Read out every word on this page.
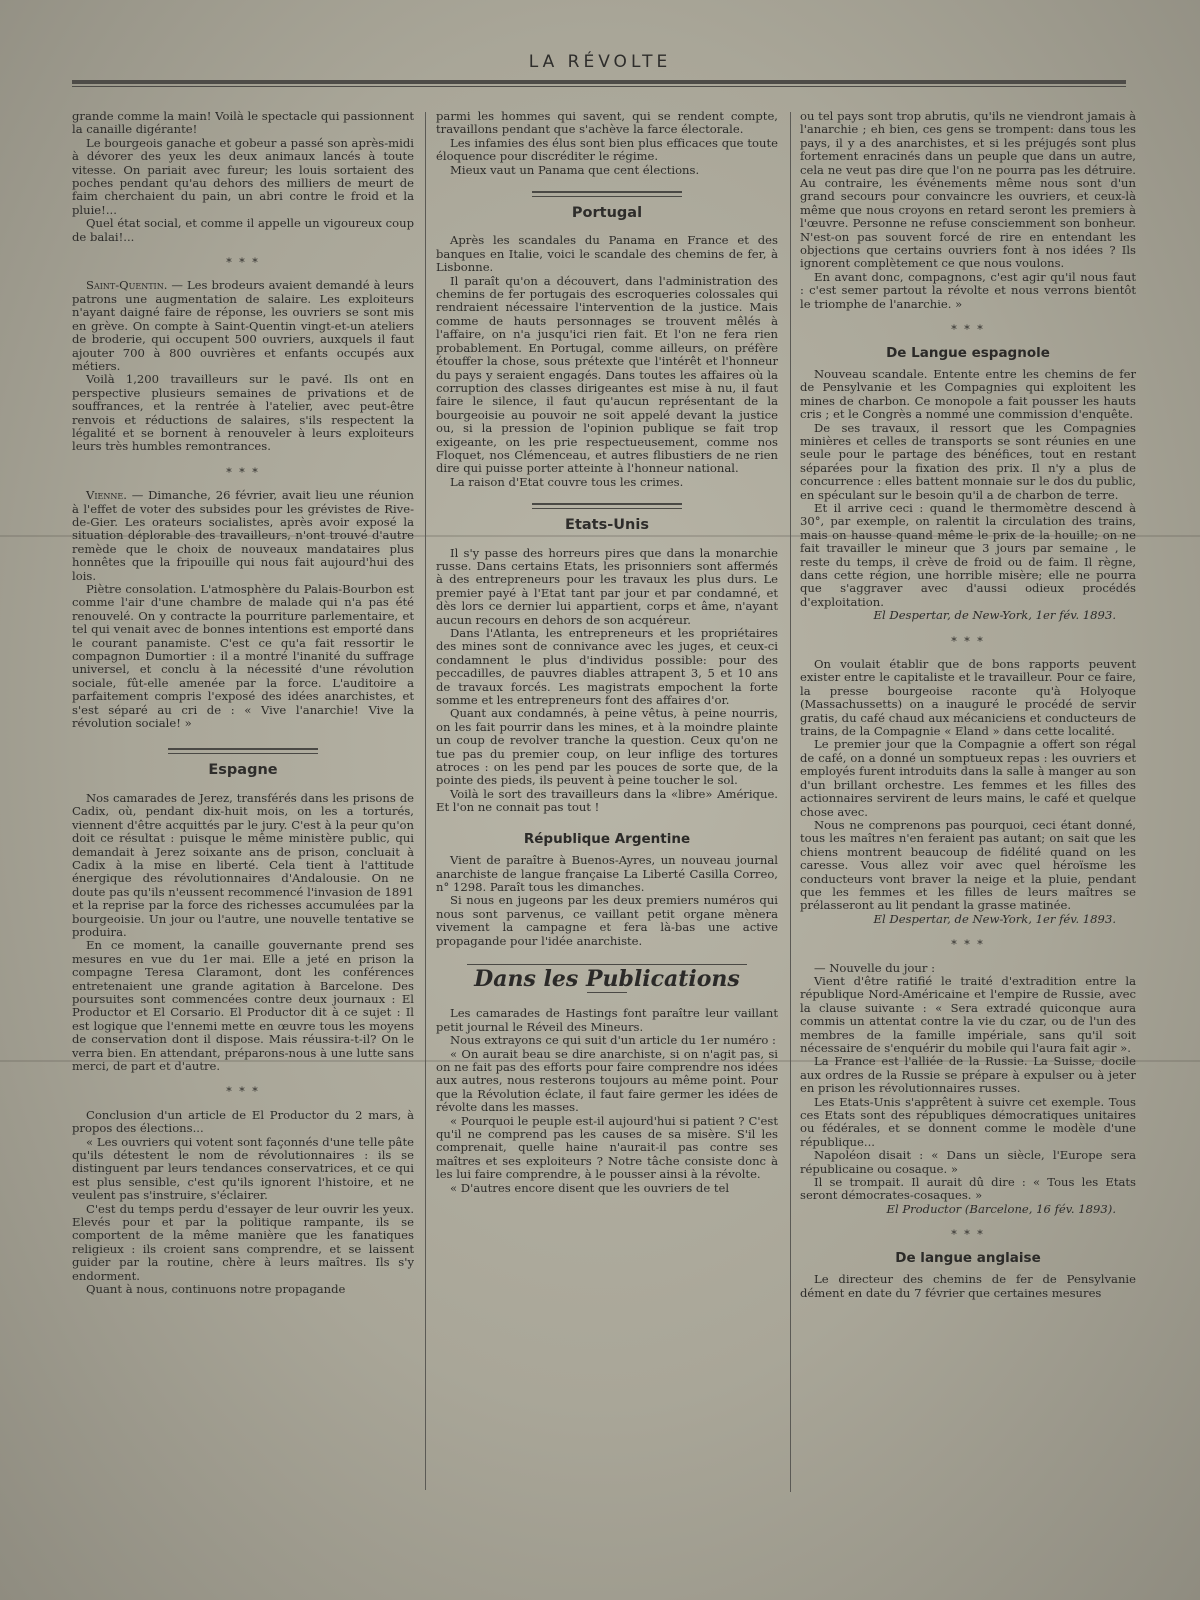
LA RÉVOLTE

grande comme la main! Voilà le spectacle qui passionnent la canaille digérante!

Le bourgeois ganache et gobeur a passé son après-midi à dévorer des yeux les deux animaux lancés à toute vitesse. On pariait avec fureur; les louis sortaient des poches pendant qu'au dehors des milliers de meurt de faim cherchaient du pain, un abri contre le froid et la pluie!...

Quel état social, et comme il appelle un vigoureux coup de balai!...

* * *

Saint-Quentin. — Les brodeurs avaient demandé à leurs patrons une augmentation de salaire. Les exploiteurs n'ayant daigné faire de réponse, les ouvriers se sont mis en grève. On compte à Saint-Quentin vingt-et-un ateliers de broderie, qui occupent 500 ouvriers, auxquels il faut ajouter 700 à 800 ouvrières et enfants occupés aux métiers.

Voilà 1,200 travailleurs sur le pavé. Ils ont en perspective plusieurs semaines de privations et de souffrances, et la rentrée à l'atelier, avec peut-être renvois et réductions de salaires, s'ils respectent la légalité et se bornent à renouveler à leurs exploiteurs leurs très humbles remontrances.

* * *

Vienne. — Dimanche, 26 février, avait lieu une réunion à l'effet de voter des subsides pour les grévistes de Rive-de-Gier. Les orateurs socialistes, après avoir exposé la situation déplorable des travailleurs, n'ont trouvé d'autre remède que le choix de nouveaux mandataires plus honnêtes que la fripouille qui nous fait aujourd'hui des lois.

Piètre consolation. L'atmosphère du Palais-Bourbon est comme l'air d'une chambre de malade qui n'a pas été renouvelé. On y contracte la pourriture parlementaire, et tel qui venait avec de bonnes intentions est emporté dans le courant panamiste. C'est ce qu'a fait ressortir le compagnon Dumortier : il a montré l'inanité du suffrage universel, et conclu à la nécessité d'une révolution sociale, fût-elle amenée par la force. L'auditoire a parfaitement compris l'exposé des idées anarchistes, et s'est séparé au cri de : « Vive l'anarchie! Vive la révolution sociale! »

Espagne

Nos camarades de Jerez, transférés dans les prisons de Cadix, où, pendant dix-huit mois, on les a torturés, viennent d'être acquittés par le jury. C'est à la peur qu'on doit ce résultat : puisque le même ministère public, qui demandait à Jerez soixante ans de prison, concluait à Cadix à la mise en liberté. Cela tient à l'attitude énergique des révolutionnaires d'Andalousie. On ne doute pas qu'ils n'eussent recommencé l'invasion de 1891 et la reprise par la force des richesses accumulées par la bourgeoisie. Un jour ou l'autre, une nouvelle tentative se produira.

En ce moment, la canaille gouvernante prend ses mesures en vue du 1er mai. Elle a jeté en prison la compagne Teresa Claramont, dont les conférences entretenaient une grande agitation à Barcelone. Des poursuites sont commencées contre deux journaux : El Productor et El Corsario. El Productor dit à ce sujet : Il est logique que l'ennemi mette en œuvre tous les moyens de conservation dont il dispose. Mais réussira-t-il? On le verra bien. En attendant, préparons-nous à une lutte sans merci, de part et d'autre.

* * *

Conclusion d'un article de El Productor du 2 mars, à propos des élections...

« Les ouvriers qui votent sont façonnés d'une telle pâte qu'ils détestent le nom de révolutionnaires : ils se distinguent par leurs tendances conservatrices, et ce qui est plus sensible, c'est qu'ils ignorent l'histoire, et ne veulent pas s'instruire, s'éclairer.

C'est du temps perdu d'essayer de leur ouvrir les yeux. Elevés pour et par la politique rampante, ils se comportent de la même manière que les fanatiques religieux : ils croient sans comprendre, et se laissent guider par la routine, chère à leurs maîtres. Ils s'y endorment.

Quant à nous, continuons notre propagande

parmi les hommes qui savent, qui se rendent compte, travaillons pendant que s'achève la farce électorale.

Les infamies des élus sont bien plus efficaces que toute éloquence pour discréditer le régime.

Mieux vaut un Panama que cent élections.

Portugal

Après les scandales du Panama en France et des banques en Italie, voici le scandale des chemins de fer, à Lisbonne.

Il paraît qu'on a découvert, dans l'administration des chemins de fer portugais des escroqueries colossales qui rendraient nécessaire l'intervention de la justice. Mais comme de hauts personnages se trouvent mêlés à l'affaire, on n'a jusqu'ici rien fait. Et l'on ne fera rien probablement. En Portugal, comme ailleurs, on préfère étouffer la chose, sous prétexte que l'intérêt et l'honneur du pays y seraient engagés. Dans toutes les affaires où la corruption des classes dirigeantes est mise à nu, il faut faire le silence, il faut qu'aucun représentant de la bourgeoisie au pouvoir ne soit appelé devant la justice ou, si la pression de l'opinion publique se fait trop exigeante, on les prie respectueusement, comme nos Floquet, nos Clémenceau, et autres flibustiers de ne rien dire qui puisse porter atteinte à l'honneur national.

La raison d'Etat couvre tous les crimes.

Etats-Unis

Il s'y passe des horreurs pires que dans la monarchie russe. Dans certains Etats, les prisonniers sont affermés à des entrepreneurs pour les travaux les plus durs. Le premier payé à l'Etat tant par jour et par condamné, et dès lors ce dernier lui appartient, corps et âme, n'ayant aucun recours en dehors de son acquéreur.

Dans l'Atlanta, les entrepreneurs et les propriétaires des mines sont de connivance avec les juges, et ceux-ci condamnent le plus d'individus possible: pour des peccadilles, de pauvres diables attrapent 3, 5 et 10 ans de travaux forcés. Les magistrats empochent la forte somme et les entrepreneurs font des affaires d'or.

Quant aux condamnés, à peine vêtus, à peine nourris, on les fait pourrir dans les mines, et à la moindre plainte un coup de revolver tranche la question. Ceux qu'on ne tue pas du premier coup, on leur inflige des tortures atroces : on les pend par les pouces de sorte que, de la pointe des pieds, ils peuvent à peine toucher le sol.

Voilà le sort des travailleurs dans la «libre» Amérique. Et l'on ne connait pas tout !

République Argentine

Vient de paraître à Buenos-Ayres, un nouveau journal anarchiste de langue française La Liberté Casilla Correo, n° 1298. Paraît tous les dimanches.

Si nous en jugeons par les deux premiers numéros qui nous sont parvenus, ce vaillant petit organe mènera vivement la campagne et fera là-bas une active propagande pour l'idée anarchiste.

Dans les Publications

Les camarades de Hastings font paraître leur vaillant petit journal le Réveil des Mineurs.

Nous extrayons ce qui suit d'un article du 1er numéro :

« On aurait beau se dire anarchiste, si on n'agit pas, si on ne fait pas des efforts pour faire comprendre nos idées aux autres, nous resterons toujours au même point. Pour que la Révolution éclate, il faut faire germer les idées de révolte dans les masses.

« Pourquoi le peuple est-il aujourd'hui si patient ? C'est qu'il ne comprend pas les causes de sa misère. S'il les comprenait, quelle haine n'aurait-il pas contre ses maîtres et ses exploiteurs ? Notre tâche consiste donc à les lui faire comprendre, à le pousser ainsi à la révolte.

« D'autres encore disent que les ouvriers de tel

ou tel pays sont trop abrutis, qu'ils ne viendront jamais à l'anarchie ; eh bien, ces gens se trompent: dans tous les pays, il y a des anarchistes, et si les préjugés sont plus fortement enracinés dans un peuple que dans un autre, cela ne veut pas dire que l'on ne pourra pas les détruire. Au contraire, les événements même nous sont d'un grand secours pour convaincre les ouvriers, et ceux-là même que nous croyons en retard seront les premiers à l'œuvre. Personne ne refuse consciemment son bonheur. N'est-on pas souvent forcé de rire en entendant les objections que certains ouvriers font à nos idées ? Ils ignorent complètement ce que nous voulons.

En avant donc, compagnons, c'est agir qu'il nous faut : c'est semer partout la révolte et nous verrons bientôt le triomphe de l'anarchie. »

* * *
De Langue espagnole

Nouveau scandale. Entente entre les chemins de fer de Pensylvanie et les Compagnies qui exploitent les mines de charbon. Ce monopole a fait pousser les hauts cris ; et le Congrès a nommé une commission d'enquête.

De ses travaux, il ressort que les Compagnies minières et celles de transports se sont réunies en une seule pour le partage des bénéfices, tout en restant séparées pour la fixation des prix. Il n'y a plus de concurrence : elles battent monnaie sur le dos du public, en spéculant sur le besoin qu'il a de charbon de terre.

Et il arrive ceci : quand le thermomètre descend à 30°, par exemple, on ralentit la circulation des trains, mais on hausse quand même le prix de la houille; on ne fait travailler le mineur que 3 jours par semaine , le reste du temps, il crève de froid ou de faim. Il règne, dans cette région, une horrible misère; elle ne pourra que s'aggraver avec d'aussi odieux procédés d'exploitation.

El Despertar, de New-York, 1er fév. 1893.

* * *

On voulait établir que de bons rapports peuvent exister entre le capitaliste et le travailleur. Pour ce faire, la presse bourgeoise raconte qu'à Holyoque (Massachussetts) on a inauguré le procédé de servir gratis, du café chaud aux mécaniciens et conducteurs de trains, de la Compagnie « Eland » dans cette localité.

Le premier jour que la Compagnie a offert son régal de café, on a donné un somptueux repas : les ouvriers et employés furent introduits dans la salle à manger au son d'un brillant orchestre. Les femmes et les filles des actionnaires servirent de leurs mains, le café et quelque chose avec.

Nous ne comprenons pas pourquoi, ceci étant donné, tous les maîtres n'en feraient pas autant; on sait que les chiens montrent beaucoup de fidélité quand on les caresse. Vous allez voir avec quel héroïsme les conducteurs vont braver la neige et la pluie, pendant que les femmes et les filles de leurs maîtres se prélasseront au lit pendant la grasse matinée.

El Despertar, de New-York, 1er fév. 1893.

* * *

— Nouvelle du jour :

Vient d'être ratifié le traité d'extradition entre la république Nord-Américaine et l'empire de Russie, avec la clause suivante : « Sera extradé quiconque aura commis un attentat contre la vie du czar, ou de l'un des membres de la famille impériale, sans qu'il soit nécessaire de s'enquérir du mobile qui l'aura fait agir ».

La France est l'alliée de la Russie. La Suisse, docile aux ordres de la Russie se prépare à expulser ou à jeter en prison les révolutionnaires russes.

Les Etats-Unis s'apprêtent à suivre cet exemple. Tous ces Etats sont des républiques démocratiques unitaires ou fédérales, et se donnent comme le modèle d'une république...

Napoléon disait : « Dans un siècle, l'Europe sera républicaine ou cosaque. »

Il se trompait. Il aurait dû dire : « Tous les Etats seront démocrates-cosaques. »

El Productor (Barcelone, 16 fév. 1893).

* * *
De langue anglaise

Le directeur des chemins de fer de Pensylvanie dément en date du 7 février que certaines mesures
